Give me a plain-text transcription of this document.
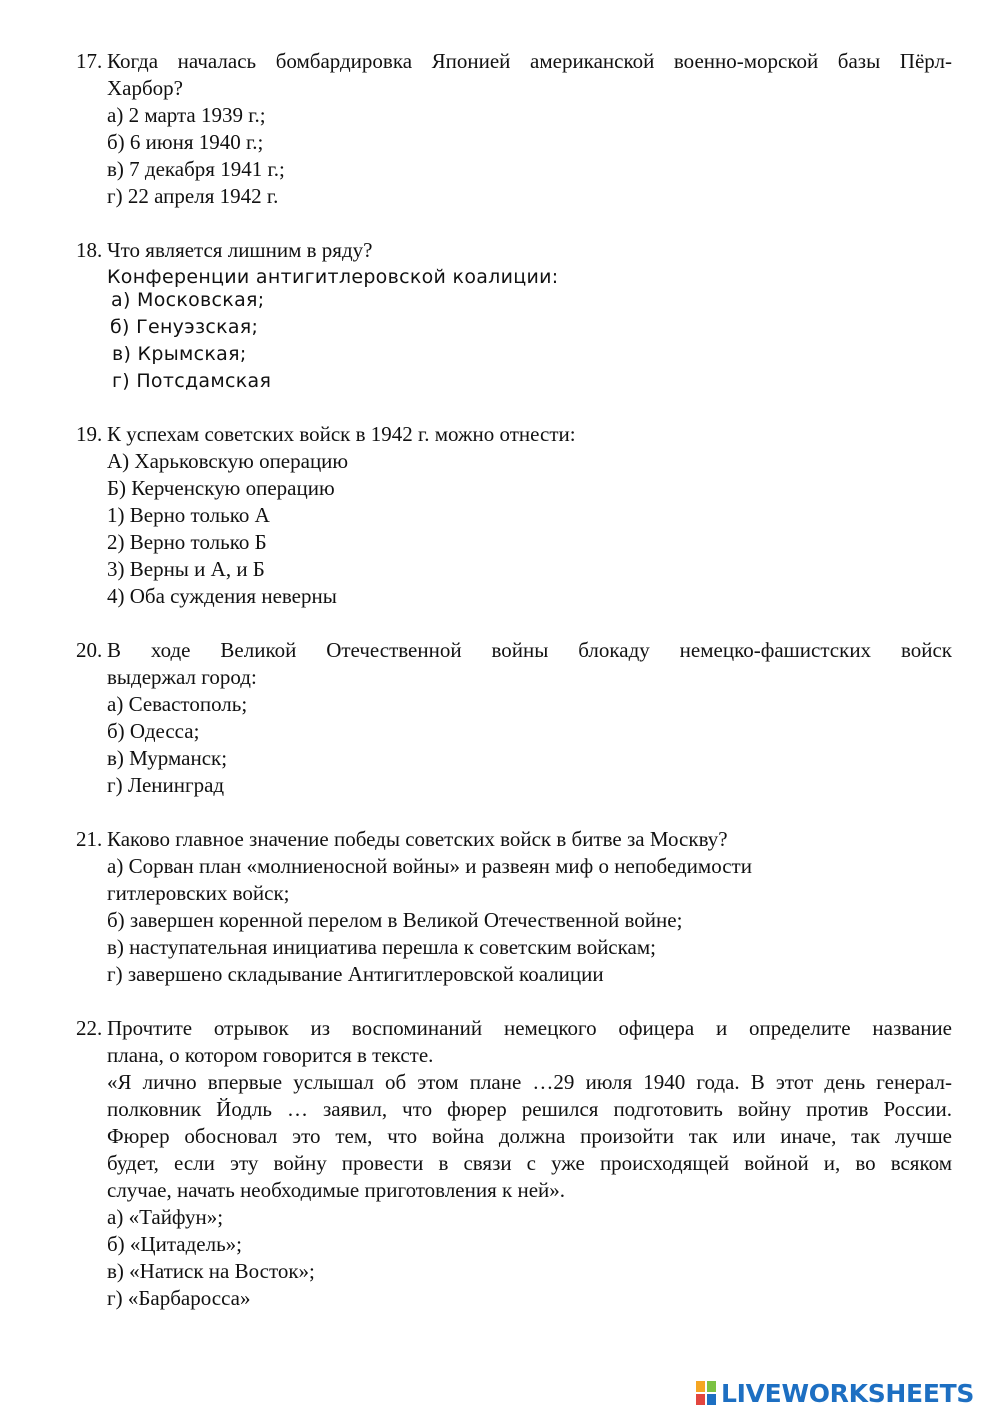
17. Когда началась бомбардировка Японией американской военно-морской базы Пёрл-
Харбор?
а) 2 марта 1939 г.;
б) 6 июня 1940 г.;
в) 7 декабря 1941 г.;
г) 22 апреля 1942 г.
18. Что является лишним в ряду?
Конференции антигитлеровской коалиции:
а) Московская;
б) Генуэзская;
в) Крымская;
г) Потсдамская
19. К успехам советских войск в 1942 г. можно отнести:
А) Харьковскую операцию
Б) Керченскую операцию
1) Верно только А
2) Верно только Б
3) Верны и А, и Б
4) Оба суждения неверны
20. В ходе Великой Отечественной войны блокаду немецко-фашистских войск
выдержал город:
а) Севастополь;
б) Одесса;
в) Мурманск;
г) Ленинград
21. Каково главное значение победы советских войск в битве за Москву?
а) Сорван план «молниеносной войны» и развеян миф о непобедимости
гитлеровских войск;
б) завершен коренной перелом в Великой Отечественной войне;
в) наступательная инициатива перешла к советским войскам;
г) завершено складывание Антигитлеровской коалиции
22. Прочтите отрывок из воспоминаний немецкого офицера и определите название
плана, о котором говорится в тексте.
«Я лично впервые услышал об этом плане …29 июля 1940 года. В этот день генерал-
полковник Йодль … заявил, что фюрер решился подготовить войну против России.
Фюрер обосновал это тем, что война должна произойти так или иначе, так лучше
будет, если эту войну провести в связи с уже происходящей войной и, во всяком
случае, начать необходимые приготовления к ней».
а) «Тайфун»;
б) «Цитадель»;
в) «Натиск на Восток»;
г) «Барбаросса»
LIVEWORKSHEETS
